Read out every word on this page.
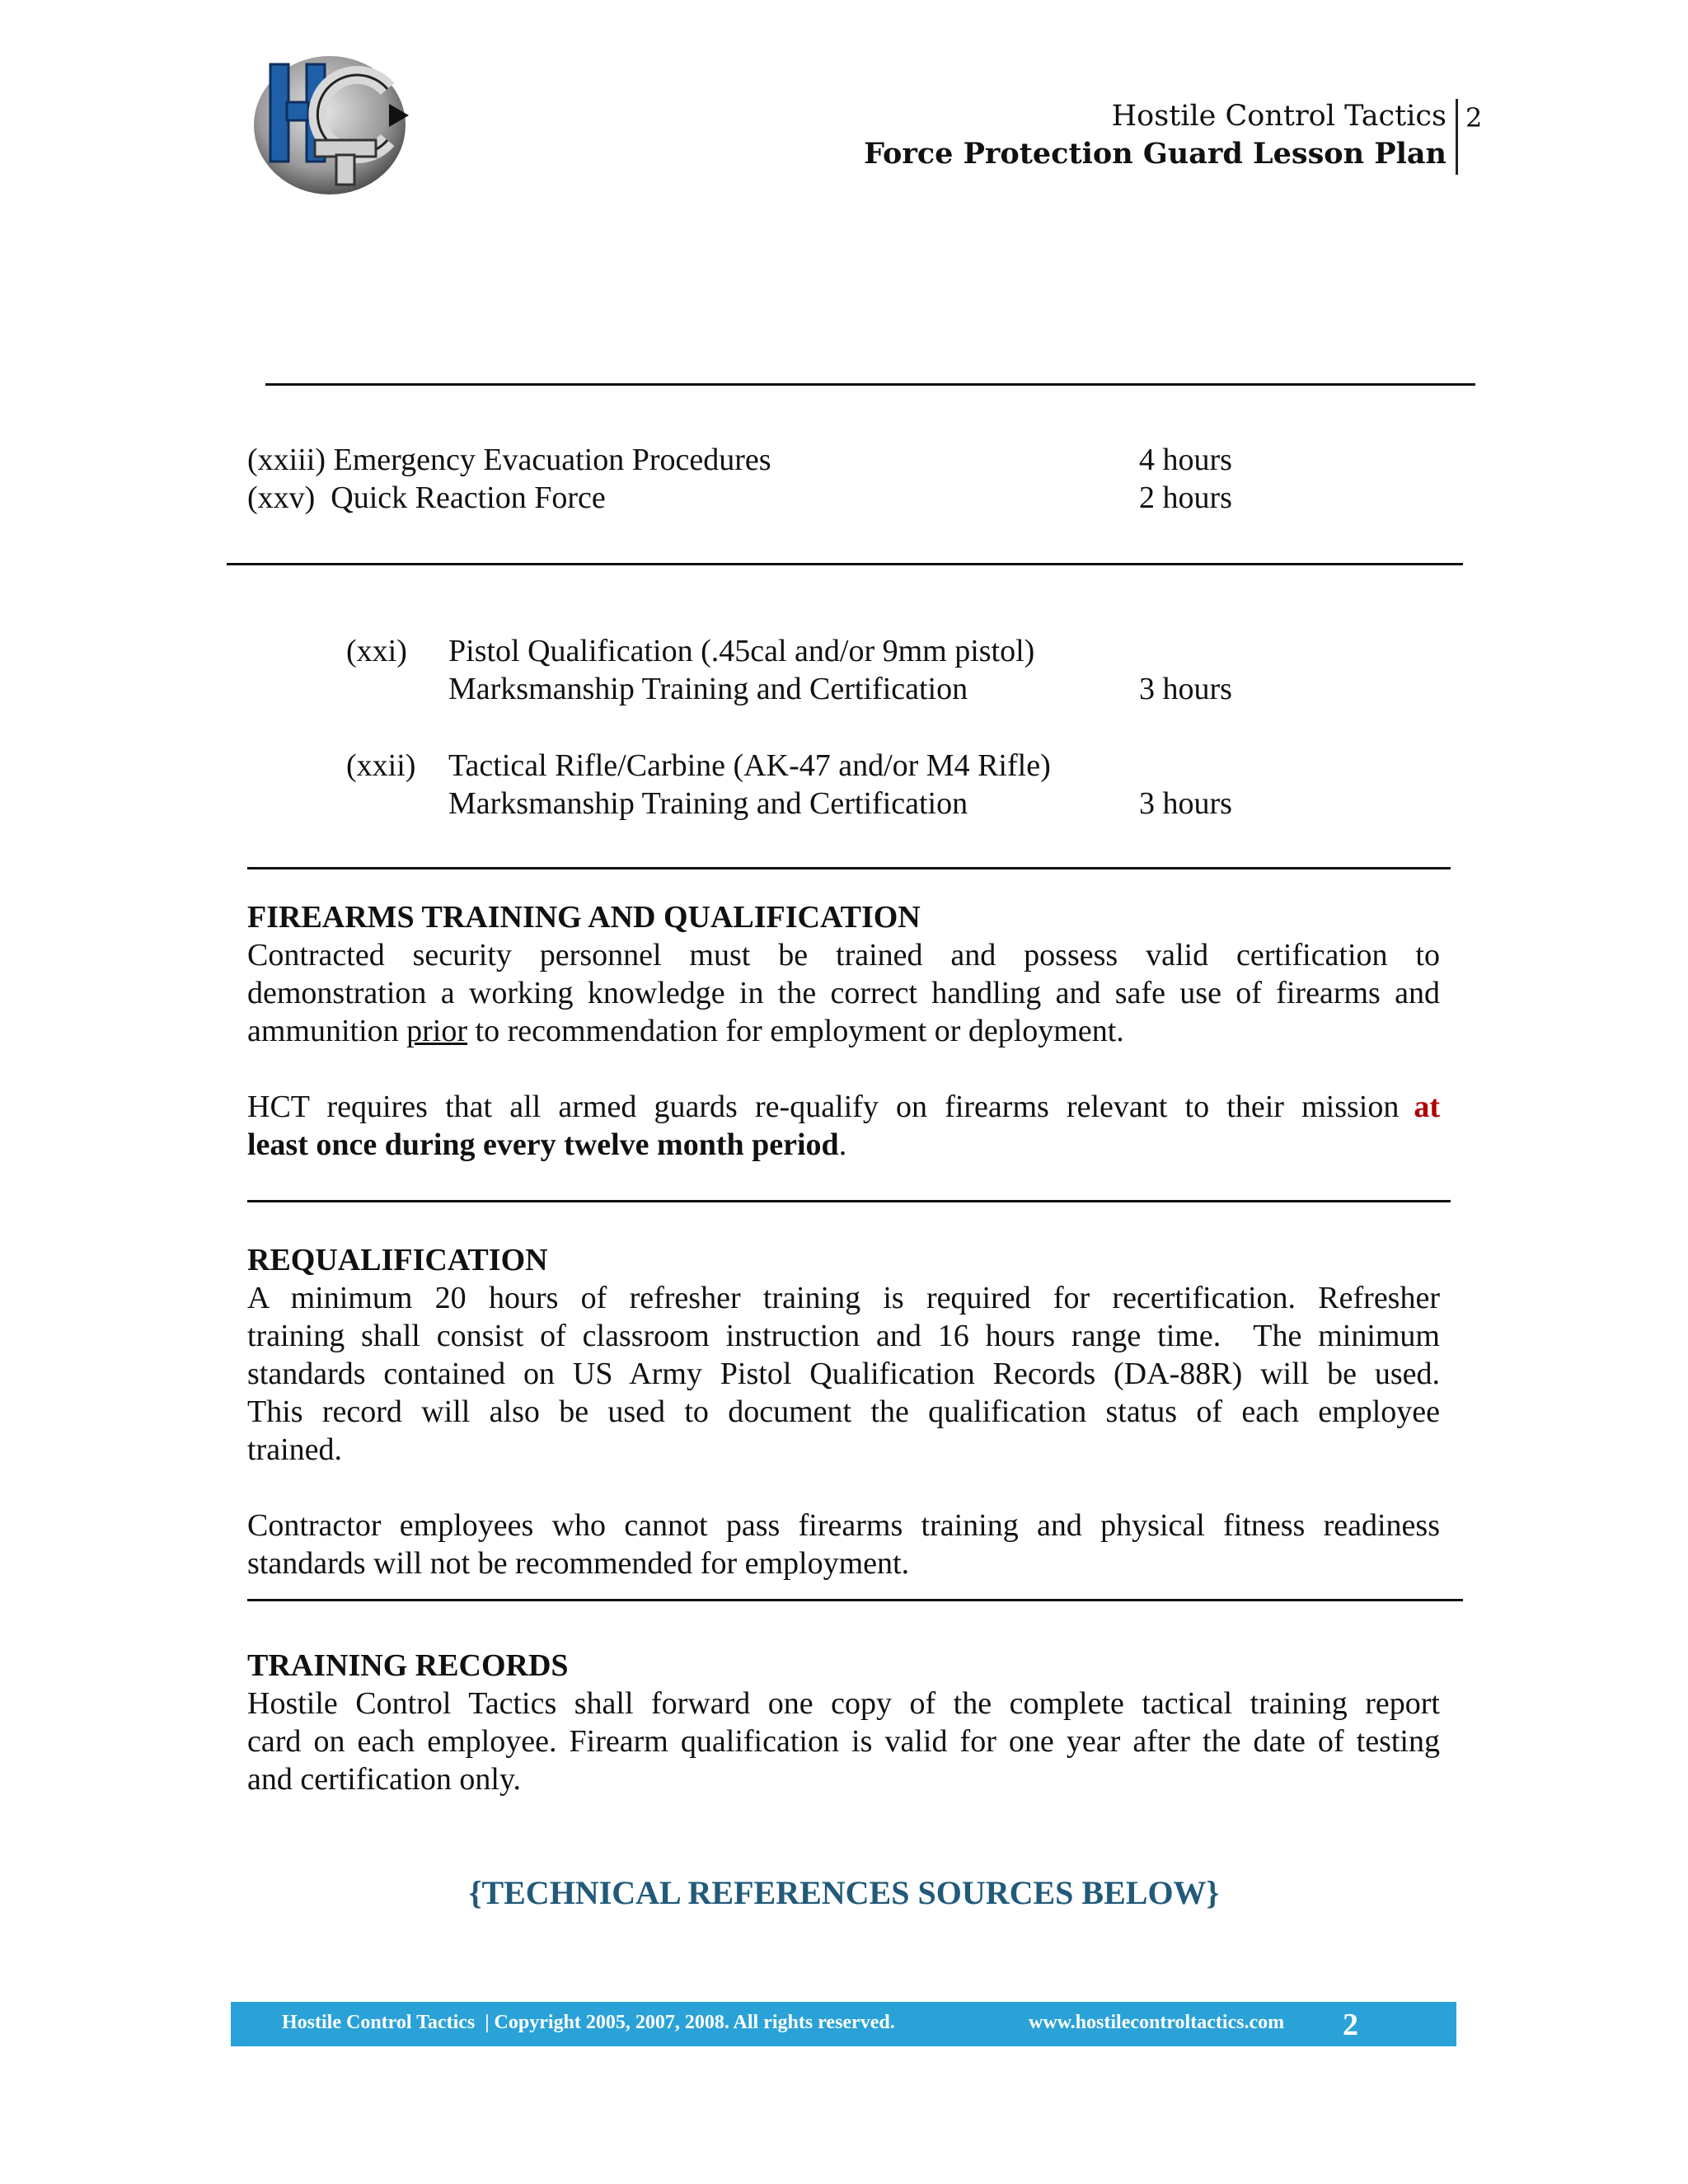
Hostile Control Tactics
Force Protection Guard Lesson Plan
2
(xxiii) Emergency Evacuation Procedures	4 hours
(xxv)  Quick Reaction Force	2 hours
(xxi) Pistol Qualification (.45cal and/or 9mm pistol)
Marksmanship Training and Certification	3 hours
(xxii) Tactical Rifle/Carbine (AK-47 and/or M4 Rifle)
Marksmanship Training and Certification	3 hours
FIREARMS TRAINING AND QUALIFICATION
Contracted security personnel must be trained and possess valid certification to
demonstration a working knowledge in the correct handling and safe use of firearms and
ammunition prior to recommendation for employment or deployment.
HCT requires that all armed guards re-qualify on firearms relevant to their mission at
least once during every twelve month period.
REQUALIFICATION
A minimum 20 hours of refresher training is required for recertification. Refresher
training shall consist of classroom instruction and 16 hours range time.  The minimum
standards contained on US Army Pistol Qualification Records (DA-88R) will be used.
This record will also be used to document the qualification status of each employee
trained.
Contractor employees who cannot pass firearms training and physical fitness readiness
standards will not be recommended for employment.
TRAINING RECORDS
Hostile Control Tactics shall forward one copy of the complete tactical training report
card on each employee. Firearm qualification is valid for one year after the date of testing
and certification only.
{TECHNICAL REFERENCES SOURCES BELOW}
Hostile Control Tactics  | Copyright 2005, 2007, 2008. All rights reserved.	www.hostilecontroltactics.com 2
